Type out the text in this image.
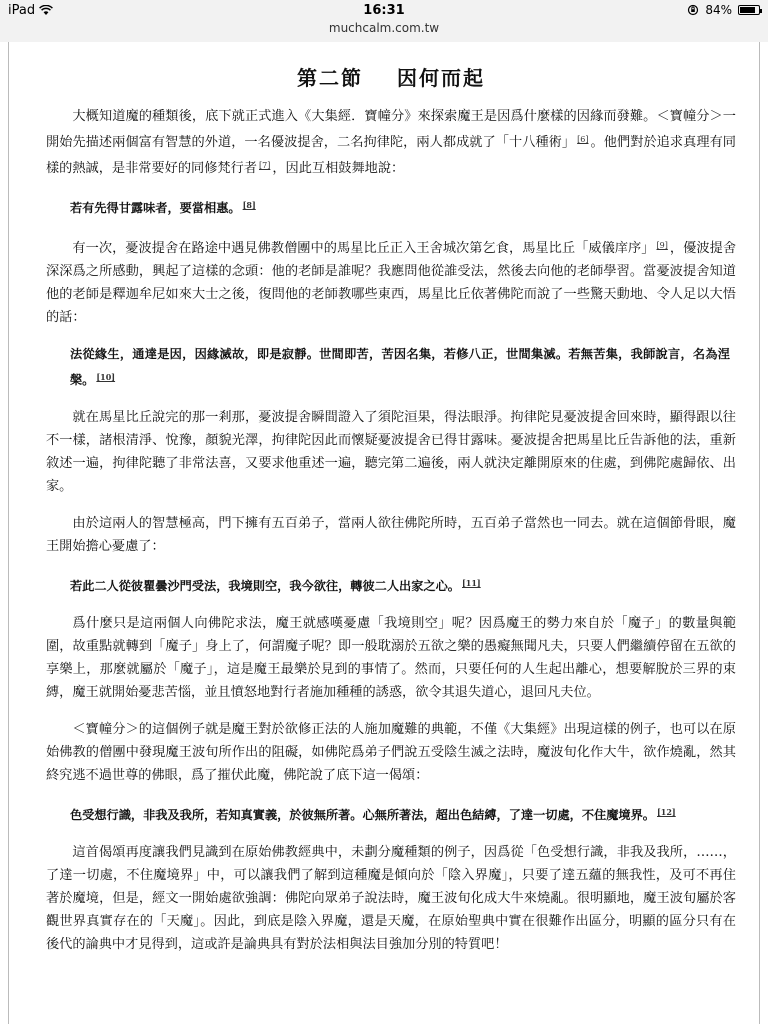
iPad	16:31
muchcalm.com.tw
84%
第二節 因何而起

大概知道魔的種類後，底下就正式進入《大集經．寶幢分》來探索魔王是因爲什麼樣的因緣而發難。＜寶幢分＞一開始先描述兩個富有智慧的外道，一名優波提舍，二名拘律陀，兩人都成就了「十八種術」 [6] 。他們對於追求真理有同樣的熱誠，是非常要好的同修梵行者 [7] ，因此互相鼓舞地說：

若有先得甘露味者，要當相惠。 [8]

有一次，憂波提舍在路途中遇見佛教僧團中的馬星比丘正入王舍城次第乞食，馬星比丘「威儀庠序」 [9] ，優波提舍深深爲之所感動，興起了這樣的念頭：他的老師是誰呢？我應問他從誰受法，然後去向他的老師學習。當憂波提舍知道他的老師是釋迦牟尼如來大士之後，復問他的老師教哪些東西，馬星比丘依著佛陀而說了一些驚天動地、令人足以大悟的話：

法從緣生，通達是因，因緣滅故，即是寂靜。世間即苦，苦因名集，若修八正，世間集滅。若無苦集，我師說言，名為涅槃。 [10]

就在馬星比丘說完的那一剎那，憂波提舍瞬間證入了須陀洹果，得法眼淨。拘律陀見憂波提舍回來時，顯得跟以往不一樣，諸根清淨、悅豫，顏貌光澤，拘律陀因此而懷疑憂波提舍已得甘露味。憂波提舍把馬星比丘告訴他的法，重新敘述一遍，拘律陀聽了非常法喜，又要求他重述一遍，聽完第二遍後，兩人就決定離開原來的住處，到佛陀處歸依、出家。

由於這兩人的智慧極高，門下擁有五百弟子，當兩人欲往佛陀所時，五百弟子當然也一同去。就在這個節骨眼，魔王開始擔心憂慮了：

若此二人從彼瞿曇沙門受法，我境則空，我今欲往，轉彼二人出家之心。 [11]

爲什麼只是這兩個人向佛陀求法，魔王就感嘆憂慮「我境則空」呢？因爲魔王的勢力來自於「魔子」的數量與範圍，故重點就轉到「魔子」身上了，何謂魔子呢？即一般耽溺於五欲之樂的愚癡無聞凡夫，只要人們繼續停留在五欲的享樂上，那麼就屬於「魔子」，這是魔王最樂於見到的事情了。然而，只要任何的人生起出離心，想要解脫於三界的束縛，魔王就開始憂悲苦惱，並且憤怒地對行者施加種種的誘惑，欲令其退失道心，退回凡夫位。

＜寶幢分＞的這個例子就是魔王對於欲修正法的人施加魔難的典範，不僅《大集經》出現這樣的例子，也可以在原始佛教的僧團中發現魔王波旬所作出的阻礙，如佛陀爲弟子們說五受陰生滅之法時，魔波旬化作大牛，欲作燒亂，然其終究逃不過世尊的佛眼，爲了摧伏此魔，佛陀說了底下這一偈頌：

色受想行識，非我及我所，若知真實義，於彼無所著。心無所著法，超出色結縛，了達一切處，不住魔境界。 [12]

這首偈頌再度讓我們見識到在原始佛教經典中，未劃分魔種類的例子，因爲從「色受想行識，非我及我所，……，了達一切處，不住魔境界」中，可以讓我們了解到這種魔是傾向於「陰入界魔」，只要了達五蘊的無我性，及可不再住著於魔境，但是，經文一開始處欲強調：佛陀向眾弟子說法時，魔王波旬化成大牛來燒亂。很明顯地，魔王波旬屬於客觀世界真實存在的「天魔」。因此，到底是陰入界魔，還是天魔，在原始聖典中實在很難作出區分，明顯的區分只有在後代的論典中才見得到，這或許是論典具有對於法相與法目強加分別的特質吧！
